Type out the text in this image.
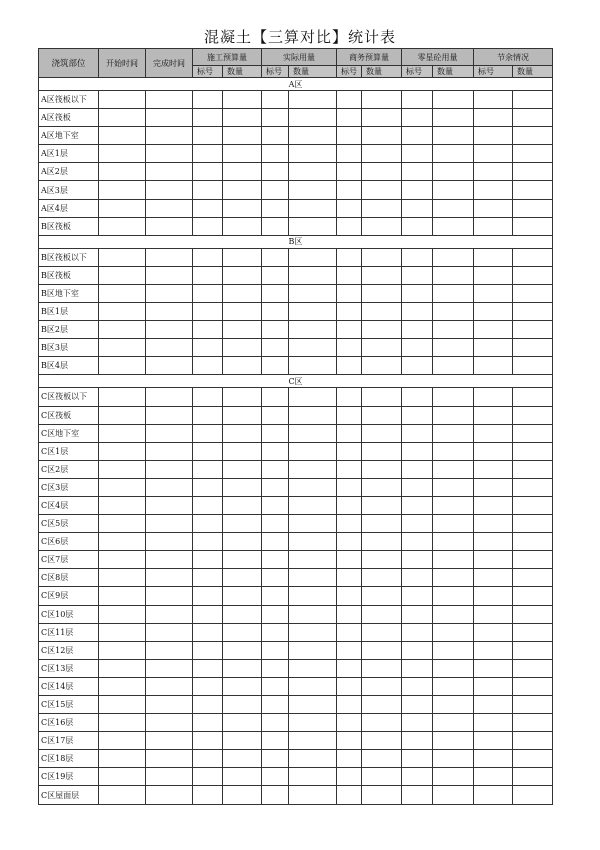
混凝土【三算对比】统计表
浇筑部位	开始时间	完成时间	施工预算量		实际用量		商务预算量		零星砼用量		节余情况	
			标号	数量	标号	数量	标号	数量	标号	数量	标号	数量
A区												
A区筏板以下												
A区筏板												
A区地下室												
A区1层												
A区2层												
A区3层												
A区4层												
B区筏板												
B区												
B区筏板以下												
B区筏板												
B区地下室												
B区1层												
B区2层												
B区3层												
B区4层												
C区												
C区筏板以下												
C区筏板												
C区地下室												
C区1层												
C区2层												
C区3层												
C区4层												
C区5层												
C区6层												
C区7层												
C区8层												
C区9层												
C区10层												
C区11层												
C区12层												
C区13层												
C区14层												
C区15层												
C区16层												
C区17层												
C区18层												
C区19层												
C区屋面层												
